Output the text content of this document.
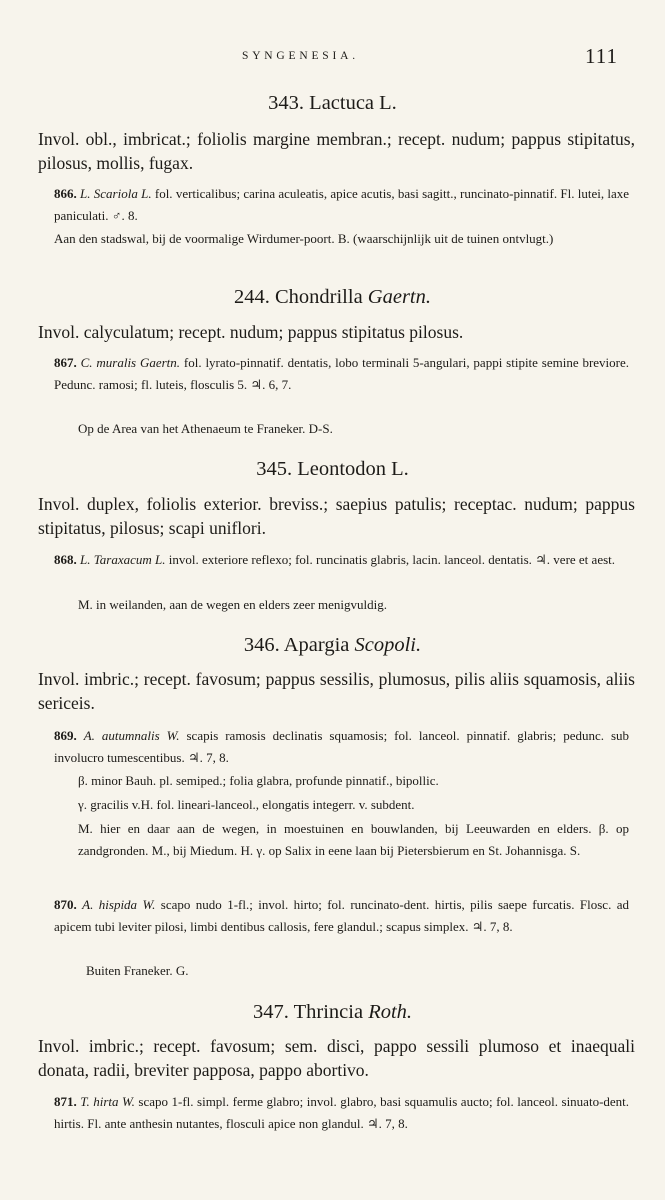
SYNGENESIA.	111
343. Lactuca L.
Invol. obl., imbricat.; foliolis margine membran.; recept. nudum; pappus stipitatus, pilosus, mollis, fugax.
866. L. Scariola L. fol. verticalibus; carina aculeatis, apice acutis, basi sagitt., runcinato-pinnatif. Fl. lutei, laxe paniculati. ♂. 8.
Aan den stadswal, bij de voormalige Wirdumer-poort. B. (waarschijnlijk uit de tuinen ontvlugt.)
244. Chondrilla Gaertn.
Invol. calyculatum; recept. nudum; pappus stipitatus pilosus.
867. C. muralis Gaertn. fol. lyrato-pinnatif. dentatis, lobo terminali 5-angulari, pappi stipite semine breviore. Pedunc. ramosi; fl. luteis, flosculis 5. ♃. 6, 7.
Op de Area van het Athenaeum te Franeker. D-S.
345. Leontodon L.
Invol. duplex, foliolis exterior. breviss.; saepius patulis; receptac. nudum; pappus stipitatus, pilosus; scapi uniflori.
868. L. Taraxacum L. invol. exteriore reflexo; fol. runcinatis glabris, lacin. lanceol. dentatis. ♃. vere et aest.
M. in weilanden, aan de wegen en elders zeer menigvuldig.
346. Apargia Scopoli.
Invol. imbric.; recept. favosum; pappus sessilis, plumosus, pilis aliis squamosis, aliis sericeis.
869. A. autumnalis W. scapis ramosis declinatis squamosis; fol. lanceol. pinnatif. glabris; pedunc. sub involucro tumescentibus. ♃. 7, 8.
β. minor Bauh. pl. semiped.; folia glabra, profunde pinnatif., bipollic.
γ. gracilis v.H. fol. lineari-lanceol., elongatis integerr. v. subdent.
M. hier en daar aan de wegen, in moestuinen en bouwlanden, bij Leeuwarden en elders. β. op zandgronden. M., bij Miedum. H. γ. op Salix in eene laan bij Pietersbierum en St. Johannisga. S.
870. A. hispida W. scapo nudo 1-fl.; invol. hirto; fol. runcinato-dent. hirtis, pilis saepe furcatis. Flosc. ad apicem tubi leviter pilosi, limbi dentibus callosis, fere glandul.; scapus simplex. ♃. 7, 8.
Buiten Franeker. G.
347. Thrincia Roth.
Invol. imbric.; recept. favosum; sem. disci, pappo sessili plumoso et inaequali donata, radii, breviter papposa, pappo abortivo.
871. T. hirta W. scapo 1-fl. simpl. ferme glabro; invol. glabro, basi squamulis aucto; fol. lanceol. sinuato-dent. hirtis. Fl. ante anthesin nutantes, flosculi apice non glandul. ♃. 7, 8.
